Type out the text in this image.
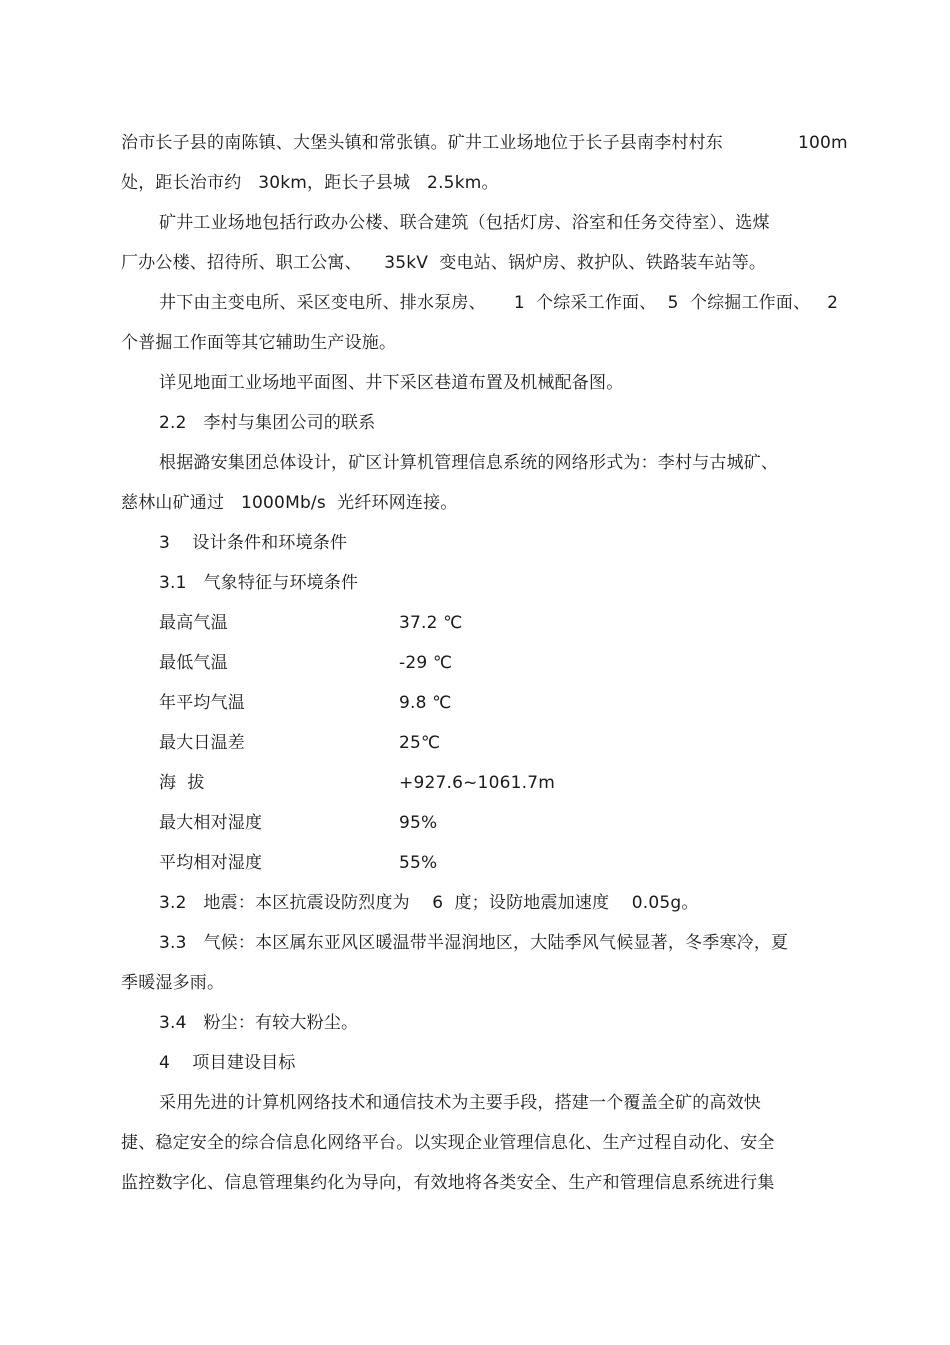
治市长子县的南陈镇、大堡头镇和常张镇。矿井工业场地位于长子县南李村村东	100m
处，距长治市约   30km，距长子县城   2.5km。
矿井工业场地包括行政办公楼、联合建筑（包括灯房、浴室和任务交待室）、选煤
厂办公楼、招待所、职工公寓、    35kV  变电站、锅炉房、救护队、铁路装车站等。
井下由主变电所、采区变电所、排水泵房、     1  个综采工作面、  5  个综掘工作面、   2
个普掘工作面等其它辅助生产设施。
详见地面工业场地平面图、井下采区巷道布置及机械配备图。
2.2   李村与集团公司的联系
根据潞安集团总体设计，矿区计算机管理信息系统的网络形式为：李村与古城矿、
慈林山矿通过   1000Mb/s  光纤环网连接。
3    设计条件和环境条件
3.1   气象特征与环境条件
最高气温	37.2 ℃
最低气温	-29 ℃
年平均气温	9.8 ℃
最大日温差	25℃
海  拔	+927.6~1061.7m
最大相对湿度	95%
平均相对湿度	55%
3.2   地震：本区抗震设防烈度为    6  度；设防地震加速度    0.05g。
3.3   气候：本区属东亚风区暖温带半湿润地区，大陆季风气候显著，冬季寒冷，夏
季暖湿多雨。
3.4   粉尘：有较大粉尘。
4    项目建设目标
采用先进的计算机网络技术和通信技术为主要手段，搭建一个覆盖全矿的高效快
捷、稳定安全的综合信息化网络平台。以实现企业管理信息化、生产过程自动化、安全
监控数字化、信息管理集约化为导向，有效地将各类安全、生产和管理信息系统进行集
